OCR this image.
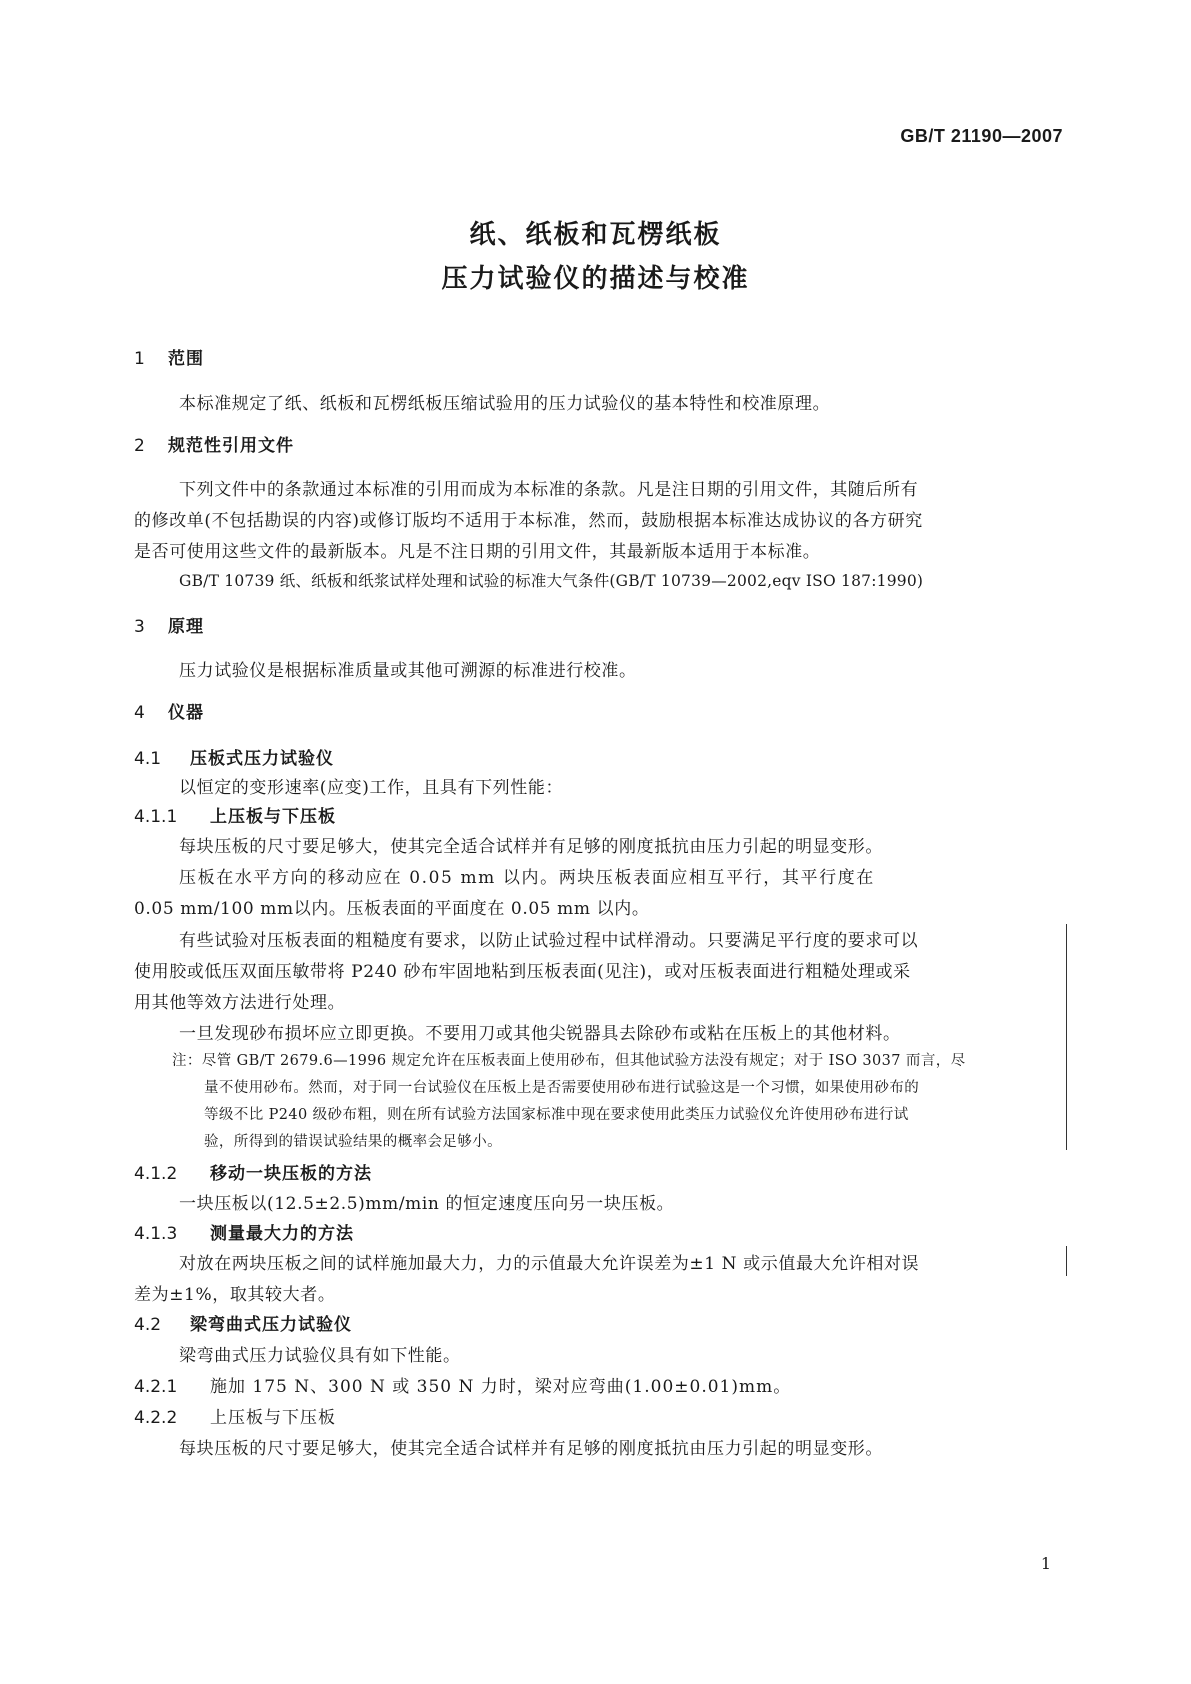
GB/T 21190—2007
纸、纸板和瓦楞纸板
压力试验仪的描述与校准
1 范围
本标准规定了纸、纸板和瓦楞纸板压缩试验用的压力试验仪的基本特性和校准原理。
2 规范性引用文件
下列文件中的条款通过本标准的引用而成为本标准的条款。凡是注日期的引用文件，其随后所有
的修改单(不包括勘误的内容)或修订版均不适用于本标准，然而，鼓励根据本标准达成协议的各方研究
是否可使用这些文件的最新版本。凡是不注日期的引用文件，其最新版本适用于本标准。
GB/T 10739 纸、纸板和纸浆试样处理和试验的标准大气条件(GB/T 10739—2002,eqv ISO 187:1990)
3 原理
压力试验仪是根据标准质量或其他可溯源的标准进行校准。
4 仪器
4.1 压板式压力试验仪
以恒定的变形速率(应变)工作，且具有下列性能：
4.1.1 上压板与下压板
每块压板的尺寸要足够大，使其完全适合试样并有足够的刚度抵抗由压力引起的明显变形。
压板在水平方向的移动应在 0.05 mm 以内。两块压板表面应相互平行，其平行度在
0.05 mm/100 mm以内。压板表面的平面度在 0.05 mm 以内。
有些试验对压板表面的粗糙度有要求，以防止试验过程中试样滑动。只要满足平行度的要求可以
使用胶或低压双面压敏带将 P240 砂布牢固地粘到压板表面(见注)，或对压板表面进行粗糙处理或采
用其他等效方法进行处理。
一旦发现砂布损坏应立即更换。不要用刀或其他尖锐器具去除砂布或粘在压板上的其他材料。
注：尽管 GB/T 2679.6—1996 规定允许在压板表面上使用砂布，但其他试验方法没有规定；对于 ISO 3037 而言，尽
量不使用砂布。然而，对于同一台试验仪在压板上是否需要使用砂布进行试验这是一个习惯，如果使用砂布的
等级不比 P240 级砂布粗，则在所有试验方法国家标准中现在要求使用此类压力试验仪允许使用砂布进行试
验，所得到的错误试验结果的概率会足够小。
4.1.2 移动一块压板的方法
一块压板以(12.5±2.5)mm/min 的恒定速度压向另一块压板。
4.1.3 测量最大力的方法
对放在两块压板之间的试样施加最大力，力的示值最大允许误差为±1 N 或示值最大允许相对误
差为±1%，取其较大者。
4.2 梁弯曲式压力试验仪
梁弯曲式压力试验仪具有如下性能。
4.2.1 施加 175 N、300 N 或 350 N 力时，梁对应弯曲(1.00±0.01)mm。
4.2.2 上压板与下压板
每块压板的尺寸要足够大，使其完全适合试样并有足够的刚度抵抗由压力引起的明显变形。
1
